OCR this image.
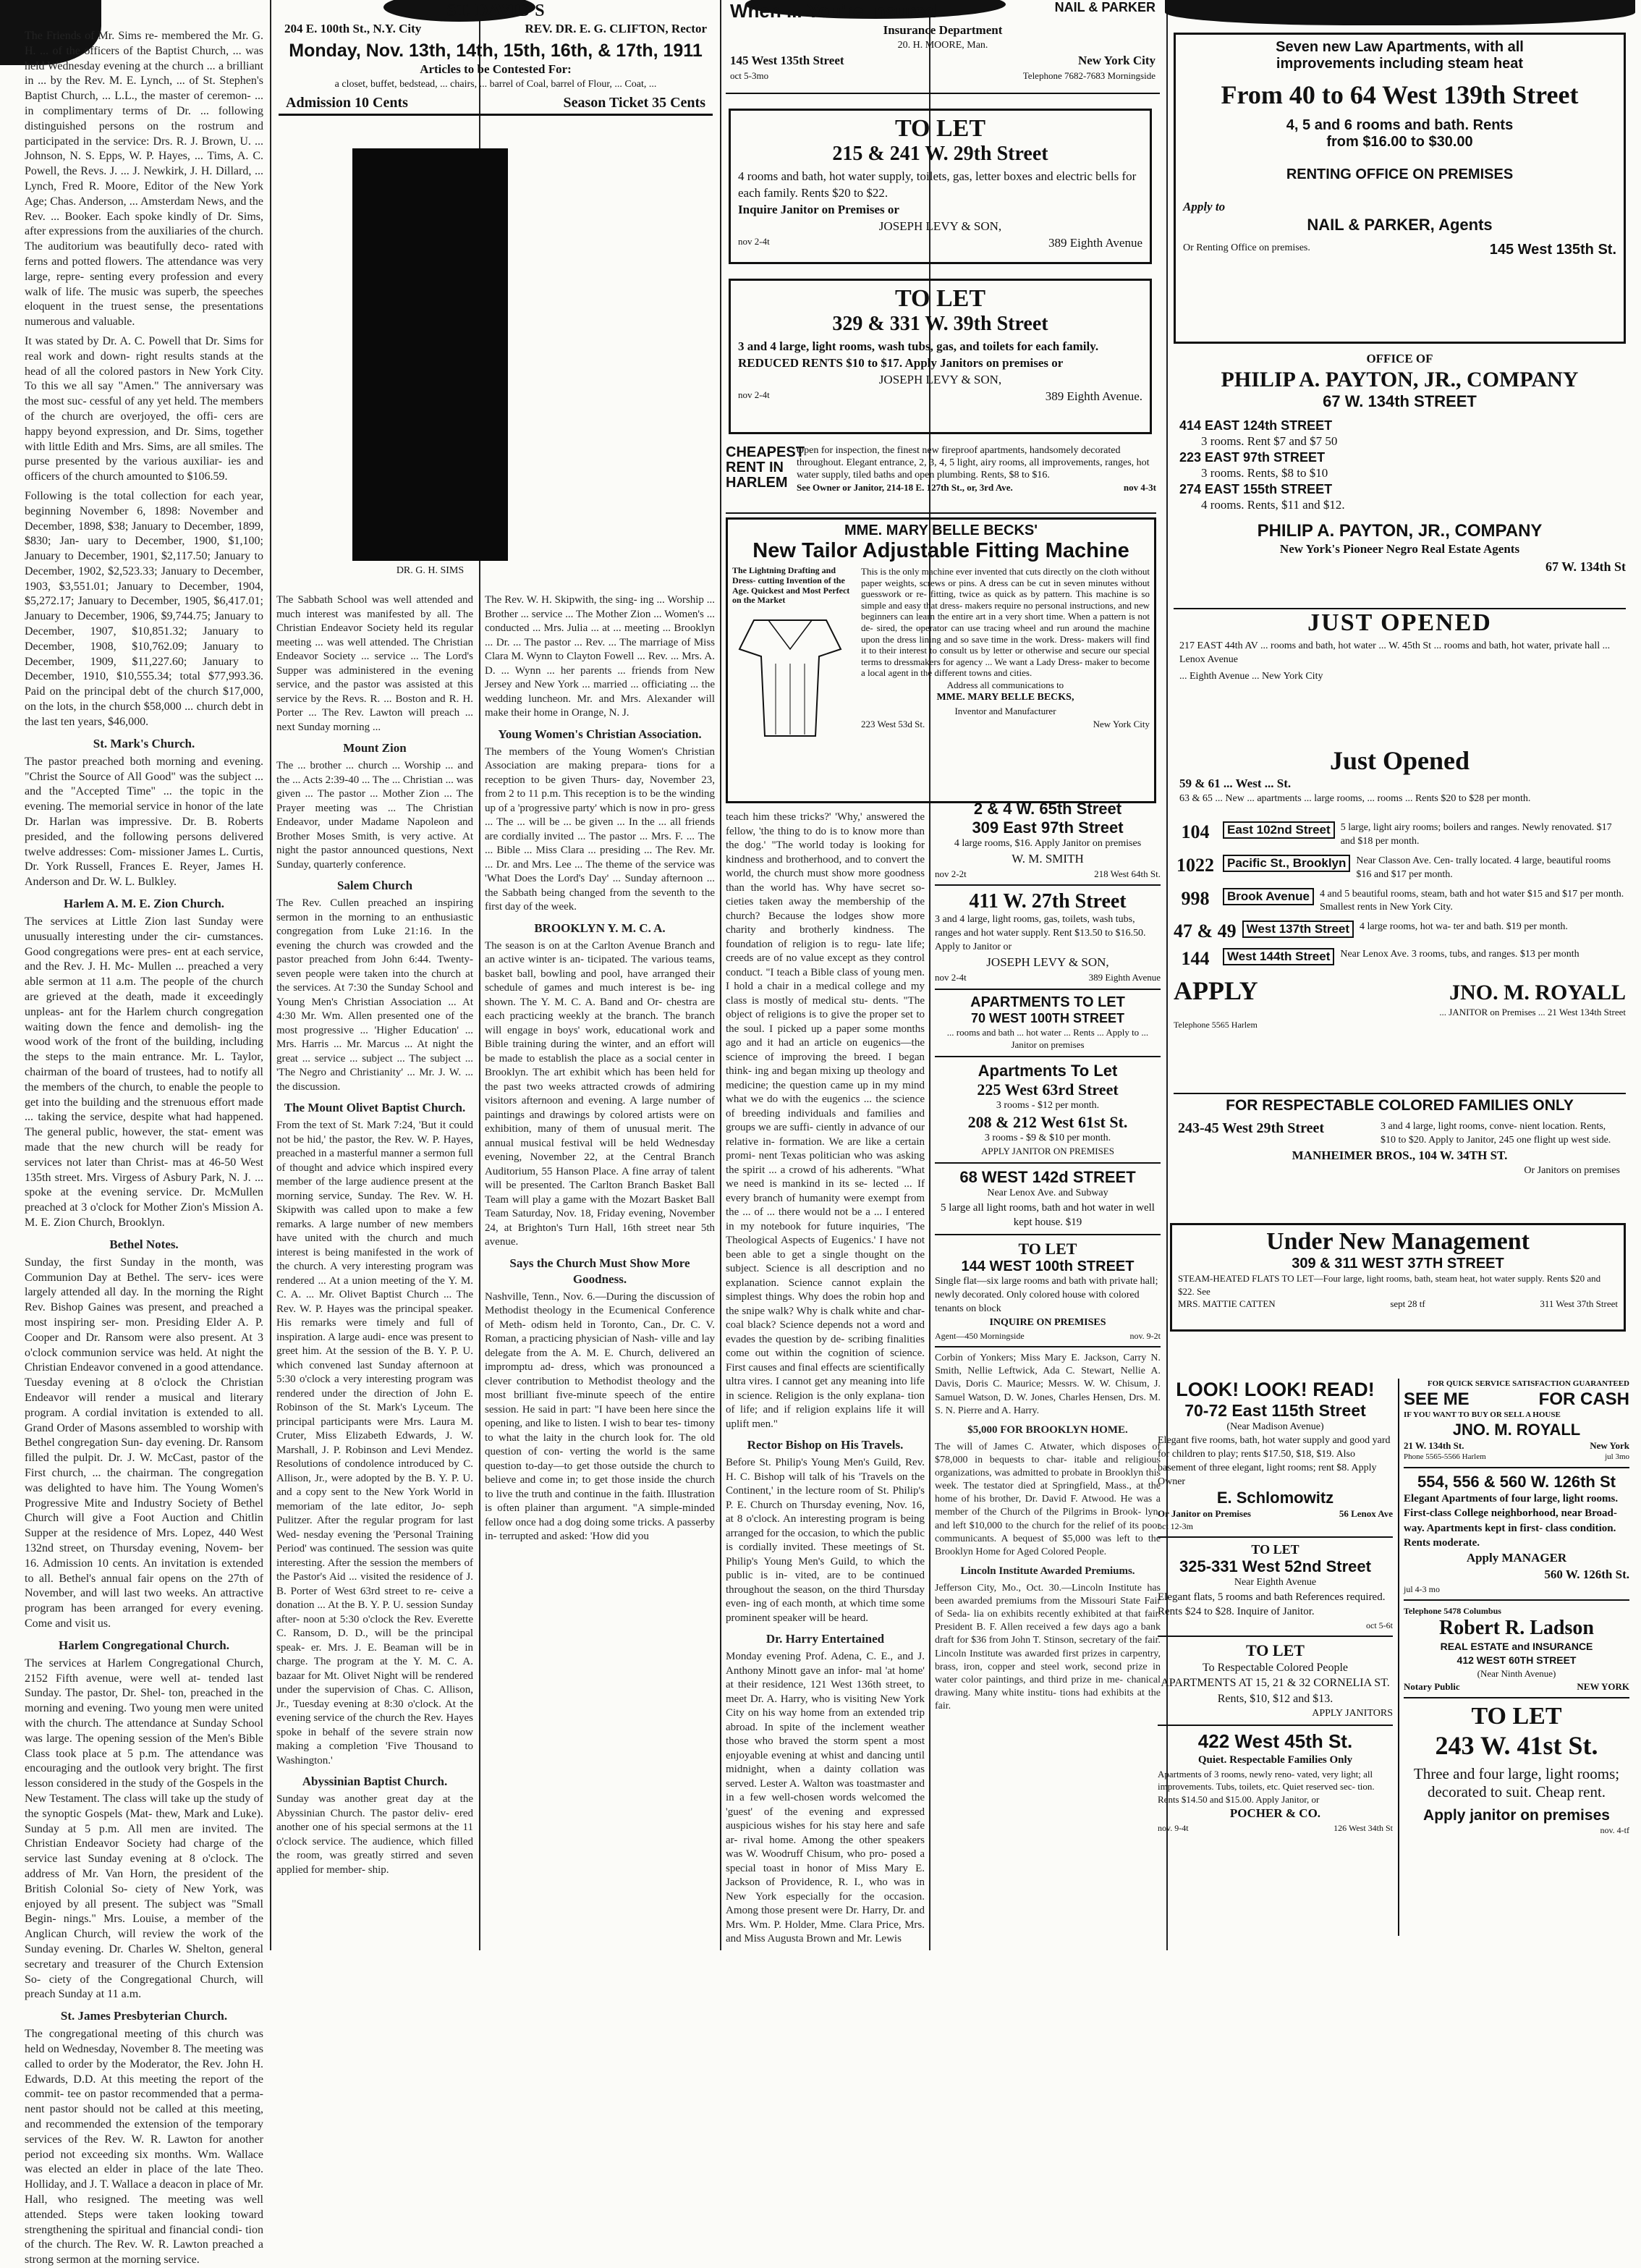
The Friends of Mr. Sims re- membered the Mr. G. H. ... of the officers of the Baptist Church, ... was held Wednesday evening at the church ... a brilliant in ... by the Rev. M. E. Lynch, ... of St. Stephen's Baptist Church, ... L.L., the master of ceremon- ... in complimentary terms of Dr. ... following distinguished persons on the rostrum and participated in the service: Drs. R. J. Brown, U. ... Johnson, N. S. Epps, W. P. Hayes, ... Tims, A. C. Powell, the Revs. J. ... J. Newkirk, J. H. Dillard, ... Lynch, Fred R. Moore, Editor of the New York Age; Chas. Anderson, ... Amsterdam News, and the Rev. ... Booker. Each spoke kindly of Dr. Sims, after expressions from the auxiliaries of the church. The auditorium was beautifully deco- rated with ferns and potted flowers. The attendance was very large, repre- senting every profession and every walk of life. The music was superb, the speeches eloquent in the truest sense, the presentations numerous and valuable.

It was stated by Dr. A. C. Powell that Dr. Sims for real work and down- right results stands at the head of all the colored pastors in New York City. To this we all say "Amen." The anniversary was the most suc- cessful of any yet held. The members of the church are overjoyed, the offi- cers are happy beyond expression, and Dr. Sims, together with little Edith and Mrs. Sims, are all smiles. The purse presented by the various auxiliar- ies and officers of the church amounted to $106.59.

Following is the total collection for each year, beginning November 6, 1898: November and December, 1898, $38; January to December, 1899, $830; Jan- uary to December, 1900, $1,100; January to December, 1901, $2,117.50; January to December, 1902, $2,523.33; January to December, 1903, $3,551.01; January to December, 1904, $5,272.17; January to December, 1905, $6,417.01; January to December, 1906, $9,744.75; January to December, 1907, $10,851.32; January to December, 1908, $10,762.09; January to December, 1909, $11,227.60; January to December, 1910, $10,555.34; total $77,993.36. Paid on the principal debt of the church $17,000, on the lots, in the church $58,000 ... church debt in the last ten years, $46,000.

St. Mark's Church.

The pastor preached both morning and evening. "Christ the Source of All Good" was the subject ... and the "Accepted Time" ... the topic in the evening. The memorial service in honor of the late Dr. Harlan was impressive. Dr. B. Roberts presided, and the following persons delivered twelve addresses: Com- missioner James L. Curtis, Dr. York Russell, Frances E. Reyer, James H. Anderson and Dr. W. L. Bulkley.

Harlem A. M. E. Zion Church.

The services at Little Zion last Sunday were unusually interesting under the cir- cumstances. Good congregations were pres- ent at each service, and the Rev. J. H. Mc- Mullen ... preached a very able sermon at 11 a.m. The people of the church are grieved at the death, made it exceedingly unpleas- ant for the Harlem church congregation waiting down the fence and demolish- ing the wood work of the front of the building, including the steps to the main entrance. Mr. L. Taylor, chairman of the board of trustees, had to notify all the members of the church, to enable the people to get into the building and the strenuous effort made ... taking the service, despite what had happened. The general public, however, the stat- ement was made that the new church will be ready for services not later than Christ- mas at 46-50 West 135th street. Mrs. Virgess of Asbury Park, N. J. ... spoke at the evening service. Dr. McMullen preached at 3 o'clock for Mother Zion's Mission A. M. E. Zion Church, Brooklyn.

Bethel Notes.

Sunday, the first Sunday in the month, was Communion Day at Bethel. The serv- ices were largely attended all day. In the morning the Right Rev. Bishop Gaines was present, and preached a most inspiring ser- mon. Presiding Elder A. P. Cooper and Dr. Ransom were also present. At 3 o'clock communion service was held. At night the Christian Endeavor convened in a good attendance. Tuesday evening at 8 o'clock the Christian Endeavor will render a musical and literary program. A cordial invitation is extended to all. Grand Order of Masons assembled to worship with Bethel congregation Sun- day evening. Dr. Ransom filled the pulpit. Dr. J. W. McCast, pastor of the First church, ... the chairman. The congregation was delighted to have him. The Young Women's Progressive Mite and Industry Society of Bethel Church will give a Foot Auction and Chitlin Supper at the residence of Mrs. Lopez, 440 West 132nd street, on Thursday evening, Novem- ber 16. Admission 10 cents. An invitation is extended to all. Bethel's annual fair opens on the 27th of November, and will last two weeks. An attractive program has been arranged for every evening. Come and visit us.

Harlem Congregational Church.

The services at Harlem Congregational Church, 2152 Fifth avenue, were well at- tended last Sunday. The pastor, Dr. Shel- ton, preached in the morning and evening. Two young men were united with the church. The attendance at Sunday School was large. The opening session of the Men's Bible Class took place at 5 p.m. The attendance was encouraging and the outlook very bright. The first lesson considered in the study of the Gospels in the New Testament. The class will take up the study of the synoptic Gospels (Mat- thew, Mark and Luke). Sunday at 5 p.m. All men are invited. The Christian Endeavor Society had charge of the service last Sunday evening at 8 o'clock. The address of Mr. Van Horn, the president of the British Colonial So- ciety of New York, was enjoyed by all present. The subject was "Small Begin- nings." Mrs. Louise, a member of the Anglican Church, will review the work of the Sunday evening. Dr. Charles W. Shelton, general secretary and treasurer of the Church Extension So- ciety of the Congregational Church, will preach Sunday at 11 a.m.

St. James Presbyterian Church.

The congregational meeting of this church was held on Wednesday, November 8. The meeting was called to order by the Moderator, the Rev. John H. Edwards, D.D. At this meeting the report of the commit- tee on pastor recommended that a perma- nent pastor should not be called at this meeting, and recommended the extension of the temporary services of the Rev. W. R. Lawton for another period not exceeding six months. Wm. Wallace was elected an elder in place of the late Theo. Holliday, and J. T. Wallace a deacon in place of Mr. Hall, who resigned. The meeting was well attended. Steps were taken looking toward strengthening the spiritual and financial condi- tion of the church. The Rev. W. R. Lawton preached a strong sermon at the morning service.

ST. DAVID'S
204 E. 100th St., N.Y. City	REV. DR. E. G. CLIFTON, Rector
Monday, Nov. 13th, 14th, 15th, 16th, & 17th, 1911
Articles to be Contested For:
a closet, buffet, bedstead, ... chairs, ... barrel of Coal, barrel of Flour, ... Coat, ...
Admission 10 Cents	Season Ticket 35 Cents
DR. G. H. SIMS

The Sabbath School was well attended and much interest was manifested by all. The Christian Endeavor Society held its regular meeting ... was well attended. The Christian Endeavor Society ... service ... The Lord's Supper was administered in the evening service, and the pastor was assisted at this service by the Revs. R. ... Boston and R. H. Porter ... The Rev. Lawton will preach ... next Sunday morning ...

Mount Zion

The ... brother ... church ... Worship ... and the ... Acts 2:39-40 ... The ... Christian ... was given ... The pastor ... Mother Zion ... The Prayer meeting was ... The Christian Endeavor, under Madame Napoleon and Brother Moses Smith, is very active. At night the pastor announced questions, Next Sunday, quarterly conference.

Salem Church

The Rev. Cullen preached an inspiring sermon in the morning to an enthusiastic congregation from Luke 21:16. In the evening the church was crowded and the pastor preached from John 6:44. Twenty-seven people were taken into the church at the services. At 7:30 the Sunday School and Young Men's Christian Association ... At 4:30 Mr. Wm. Allen presented one of the most progressive ... 'Higher Education' ... Mrs. Harris ... Mr. Marcus ... At night the great ... service ... subject ... The subject ... 'The Negro and Christianity' ... Mr. J. W. ... the discussion.

The Mount Olivet Baptist Church.

From the text of St. Mark 7:24, 'But it could not be hid,' the pastor, the Rev. W. P. Hayes, preached in a masterful manner a sermon full of thought and advice which inspired every member of the large audience present at the morning service, Sunday. The Rev. W. H. Skipwith was called upon to make a few remarks. A large number of new members have united with the church and much interest is being manifested in the work of the church. A very interesting program was rendered ... At a union meeting of the Y. M. C. A. ... Mr. Olivet Baptist Church ... The Rev. W. P. Hayes was the principal speaker. His remarks were timely and full of inspiration. A large audi- ence was present to greet him. At the session of the B. Y. P. U. which convened last Sunday afternoon at 5:30 o'clock a very interesting program was rendered under the direction of John E. Robinson of the St. Mark's Lyceum. The principal participants were Mrs. Laura M. Cruter, Miss Elizabeth Edwards, J. W. Marshall, J. P. Robinson and Levi Mendez. Resolutions of condolence introduced by C. Allison, Jr., were adopted by the B. Y. P. U. and a copy sent to the New York World in memoriam of the late editor, Jo- seph Pulitzer. After the regular program for last Wed- nesday evening the 'Personal Training Period' was continued. The session was quite interesting. After the session the members of the Pastor's Aid ... visited the residence of J. B. Porter of West 63rd street to re- ceive a donation ... At the B. Y. P. U. session Sunday after- noon at 5:30 o'clock the Rev. Everette C. Ransom, D. D., will be the principal speak- er. Mrs. J. E. Beaman will be in charge. The program at the Y. M. C. A. bazaar for Mt. Olivet Night will be rendered under the supervision of Chas. C. Allison, Jr., Tuesday evening at 8:30 o'clock. At the evening service of the church the Rev. Hayes spoke in behalf of the severe strain now making a completion 'Five Thousand to Washington.'

Abyssinian Baptist Church.

Sunday was another great day at the Abyssinian Church. The pastor deliv- ered another one of his special sermons at the 11 o'clock service. The audience, which filled the room, was greatly stirred and seven applied for member- ship.

The Rev. W. H. Skipwith, the sing- ing ... Worship ... Brother ... service ... The Mother Zion ... Women's ... conducted ... Mrs. Julia ... at ... meeting ... Brooklyn ... Dr. ... The pastor ... Rev. ... The marriage of Miss Clara M. Wynn to Clayton Fowell ... Rev. ... Mrs. A. D. ... Wynn ... her parents ... friends from New Jersey and New York ... married ... officiating ... the wedding luncheon. Mr. and Mrs. Alexander will make their home in Orange, N. J.

Young Women's Christian Association.

The members of the Young Women's Christian Association are making prepara- tions for a reception to be given Thurs- day, November 23, from 2 to 11 p.m. This reception is to be the winding up of a 'progressive party' which is now in pro- gress ... The ... will be ... be given ... In the ... all friends are cordially invited ... The pastor ... Mrs. F. ... The ... Bible ... Miss Clara ... presiding ... The Rev. Mr. ... Dr. and Mrs. Lee ... The theme of the service was 'What Does the Lord's Day' ... Sunday afternoon ... the Sabbath being changed from the seventh to the first day of the week.

BROOKLYN Y. M. C. A.

The season is on at the Carlton Avenue Branch and an active winter is an- ticipated. The various teams, basket ball, bowling and pool, have arranged their schedule of games and much interest is be- ing shown. The Y. M. C. A. Band and Or- chestra are each practicing weekly at the branch. The branch will engage in boys' work, educational work and Bible training during the winter, and an effort will be made to establish the place as a social center in Brooklyn. The art exhibit which has been held for the past two weeks attracted crowds of admiring visitors afternoon and evening. A large number of paintings and drawings by colored artists were on exhibition, many of them of unusual merit. The annual musical festival will be held Wednesday evening, November 22, at the Central Branch Auditorium, 55 Hanson Place. A fine array of talent will be presented. The Carlton Branch Basket Ball Team will play a game with the Mozart Basket Ball Team Saturday, Nov. 18, Friday evening, November 24, at Brighton's Turn Hall, 16th street near 5th avenue.

Says the Church Must Show More Goodness.

Nashville, Tenn., Nov. 6.—During the discussion of Methodist theology in the Ecumenical Conference of Meth- odism held in Toronto, Can., Dr. C. V. Roman, a practicing physician of Nash- ville and lay delegate from the A. M. E. Church, delivered an impromptu ad- dress, which was pronounced a clever contribution to Methodist theology and the most brilliant five-minute speech of the entire session. He said in part: "I have been here since the opening, and like to listen. I wish to bear tes- timony to what the laity in the church look for. The old question of con- verting the world is the same question to-day—to get those outside the church to believe and come in; to get those inside the church to live the truth and continue in the faith. Illustration is often plainer than argument. "A simple-minded fellow once had a dog doing some tricks. A passerby in- terrupted and asked: 'How did you

When ... You're Insured	NAIL & PARKER
Insurance Department
20. H. MOORE, Man.
145 West 135th Street	New York City
oct 5-3mo	Telephone 7682-7683 Morningside
TO LET
215 & 241 W. 29th Street
4 rooms and bath, hot water supply, toilets, gas, letter boxes and electric bells for each family. Rents $20 to $22.
Inquire Janitor on Premises or
JOSEPH LEVY & SON,
nov 2-4t	389 Eighth Avenue
TO LET
329 & 331 W. 39th Street
3 and 4 large, light rooms, wash tubs, gas, and toilets for each family. REDUCED RENTS $10 to $17. Apply Janitors on premises or
JOSEPH LEVY & SON,
nov 2-4t	389 Eighth Avenue.
CHEAPEST RENT IN HARLEM
Open for inspection, the finest new fireproof apartments, handsomely decorated throughout. Elegant entrance, 2, 3, 4, 5 light, airy rooms, all improvements, ranges, hot water supply, tiled baths and open plumbing. Rents, $8 to $16.
See Owner or Janitor, 214-18 E. 127th St., or, 3rd Ave.	nov 4-3t
MME. MARY BELLE BECKS'
New Tailor Adjustable Fitting Machine
The Lightning Drafting and Dress- cutting Invention of the Age. Quickest and Most Perfect on the Market
This is the only machine ever invented that cuts directly on the cloth without paper weights, screws or pins. A dress can be cut in seven minutes without guesswork or re- fitting, twice as quick as by pattern. This machine is so simple and easy that dress- makers require no personal instructions, and new beginners can learn the entire art in a very short time. When a pattern is not de- sired, the operator can use tracing wheel and run around the machine upon the dress lining and so save time in the work. Dress- makers will find it to their interest to consult us by letter or otherwise and secure our special terms to dressmakers for agency ... We want a Lady Dress- maker to become a local agent in the different towns and cities.
Address all communications to
MME. MARY BELLE BECKS,
Inventor and Manufacturer
223 West 53d St.	New York City

teach him these tricks?' 'Why,' answered the fellow, 'the thing to do is to know more than the dog.' "The world today is looking for kindness and brotherhood, and to convert the world, the church must show more goodness than the world has. Why have secret so- cieties taken away the membership of the church? Because the lodges show more charity and brotherly kindness. The foundation of religion is to regu- late life; creeds are of no value except as they control conduct. "I teach a Bible class of young men. I hold a chair in a medical college and my class is mostly of medical stu- dents. "The object of religions is to give the proper set to the soul. I picked up a paper some months ago and it had an article on eugenics—the science of improving the breed. I began think- ing and began mixing up theology and medicine; the question came up in my mind what we do with the eugenics ... the science of breeding individuals and families and groups we are suffi- ciently in advance of our relative in- formation. We are like a certain promi- nent Texas politician who was asking the spirit ... a crowd of his adherents. "What we need is mankind in its se- lected ... If every branch of humanity were exempt from the ... of ... there would not be a ... I entered in my notebook for future inquiries, 'The Theological Aspects of Eugenics.' I have not been able to get a single thought on the subject. Science is all description and no explanation. Science cannot explain the simplest things. Why does the robin hop and the snipe walk? Why is chalk white and char- coal black? Science depends not a word and evades the question by de- scribing finalities come out within the cognition of science. First causes and final effects are scientifically ultra vires. I cannot get any meaning into life in science. Religion is the only explana- tion of life; and if religion explains life it will uplift men."

Rector Bishop on His Travels.

Before St. Philip's Young Men's Guild, Rev. H. C. Bishop will talk of his 'Travels on the Continent,' in the lecture room of St. Philip's P. E. Church on Thursday evening, Nov. 16, at 8 o'clock. An interesting program is being arranged for the occasion, to which the public is cordially invited. These meetings of St. Philip's Young Men's Guild, to which the public is in- vited, are to be continued throughout the season, on the third Thursday even- ing of each month, at which time some prominent speaker will be heard.

Dr. Harry Entertained

Monday evening Prof. Adena, C. E., and J. Anthony Minott gave an infor- mal 'at home' at their residence, 121 West 136th street, to meet Dr. A. Harry, who is visiting New York City on his way home from an extended trip abroad. In spite of the inclement weather those who braved the storm spent a most enjoyable evening at whist and dancing until midnight, when a dainty collation was served. Lester A. Walton was toastmaster and in a few well-chosen words welcomed the 'guest' of the evening and expressed auspicious wishes for his stay here and safe ar- rival home. Among the other speakers was W. Woodruff Chisum, who pro- posed a special toast in honor of Miss Mary E. Jackson of Providence, R. I., who was in New York especially for the occasion. Among those present were Dr. Harry, Dr. and Mrs. Wm. P. Holder, Mme. Clara Price, Mrs. and Miss Augusta Brown and Mr. Lewis

2 & 4 W. 65th Street
309 East 97th Street
4 large rooms, $16. Apply Janitor on premises
W. M. SMITH
nov 2-2t	218 West 64th St.
411 W. 27th Street
3 and 4 large, light rooms, gas, toilets, wash tubs, ranges and hot water supply. Rent $13.50 to $16.50. Apply to Janitor or
JOSEPH LEVY & SON,
nov 2-4t	389 Eighth Avenue
APARTMENTS TO LET
70 WEST 100TH STREET
... rooms and bath ... hot water ... Rents ... Apply to ... Janitor on premises
Apartments To Let
225 West 63rd Street
3 rooms - $12 per month.
208 & 212 West 61st St.
3 rooms - $9 & $10 per month.
APPLY JANITOR ON PREMISES
68 WEST 142d STREET
Near Lenox Ave. and Subway
5 large all light rooms, bath and hot water in well kept house. $19
TO LET
144 WEST 100th STREET
Single flat—six large rooms and bath with private hall; newly decorated. Only colored house with colored tenants on block
INQUIRE ON PREMISES
Agent—450 Morningside	nov. 9-2t

Corbin of Yonkers; Miss Mary E. Jackson, Carry N. Smith, Nellie Leftwick, Ada C. Stewart, Nellie A. Davis, Doris C. Maurice; Messrs. W. W. Chisum, J. Samuel Watson, D. W. Jones, Charles Hensen, Drs. M. S. N. Pierre and A. Harry.

$5,000 FOR BROOKLYN HOME.

The will of James C. Atwater, which disposes of $78,000 in bequests to char- itable and religious organizations, was admitted to probate in Brooklyn this week. The testator died at Springfield, Mass., at the home of his brother, Dr. David F. Atwood. He was a member of the Church of the Pilgrims in Brook- lyn, and left $10,000 to the church for the relief of its poor communicants. A bequest of $5,000 was left to the Brooklyn Home for Aged Colored People.

Lincoln Institute Awarded Premiums.

Jefferson City, Mo., Oct. 30.—Lincoln Institute has been awarded premiums from the Missouri State Fair of Seda- lia on exhibits recently exhibited at that fair. President B. F. Allen received a few days ago a bank draft for $36 from John T. Stinson, secretary of the fair. Lincoln Institute was awarded first prizes in carpentry, brass, iron, copper and steel work, second prize in water color paintings, and third prize in me- chanical drawing. Many white institu- tions had exhibits at the fair.

Seven new Law Apartments, with all
improvements including steam heat
From 40 to 64 West 139th Street
4, 5 and 6 rooms and bath. Rents
from $16.00 to $30.00
RENTING OFFICE ON PREMISES
Apply to
NAIL & PARKER, Agents
Or Renting Office on premises.	145 West 135th St.
OFFICE OF
PHILIP A. PAYTON, JR., COMPANY
67 W. 134th STREET
414 EAST 124th STREET
3 rooms. Rent $7 and $7 50
223 EAST 97th STREET
3 rooms. Rents, $8 to $10
274 EAST 155th STREET
4 rooms. Rents, $11 and $12.
PHILIP A. PAYTON, JR., COMPANY
New York's Pioneer Negro Real Estate Agents
67 W. 134th St
JUST OPENED
217 EAST 44th AV ... rooms and bath, hot water ... W. 45th St ... rooms and bath, hot water, private hall ... Lenox Avenue
... Eighth Avenue ... New York City
Just Opened
59 & 61 ... West ... St.
63 & 65 ... New ... apartments ... large rooms, ... rooms ... Rents $20 to $28 per month.
104	East 102nd Street	5 large, light airy rooms; boilers and ranges. Newly renovated. $17 and $18 per month.
1022	Pacific St., Brooklyn	Near Classon Ave. Cen- trally located. 4 large, beautiful rooms $16 and $17 per month.
998	Brook Avenue	4 and 5 beautiful rooms, steam, bath and hot water $15 and $17 per month. Smallest rents in New York City.
47 & 49 West 137th Street	4 large rooms, hot wa- ter and bath. $19 per month.
144	West 144th Street	Near Lenox Ave. 3 rooms, tubs, and ranges. $13 per month
APPLY	JNO. M. ROYALL
... JANITOR on Premises ... 21 West 134th Street
Telephone 5565 Harlem
FOR RESPECTABLE COLORED FAMILIES ONLY
243-45 West 29th Street	3 and 4 large, light rooms, conve- nient location. Rents, $10 to $20. Apply to Janitor, 245 one flight up west side.
MANHEIMER BROS., 104 W. 34TH ST.
Or Janitors on premises
Under New Management
309 & 311 WEST 37TH STREET
STEAM-HEATED FLATS TO LET—Four large, light rooms, bath, steam heat, hot water supply. Rents $20 and $22. See
MRS. MATTIE CATTEN	sept 28 tf	311 West 37th Street
LOOK! LOOK! READ!
70-72 East 115th Street
(Near Madison Avenue)
Elegant five rooms, bath, hot water supply and good yard for children to play; rents $17.50, $18, $19. Also basement of three elegant, light rooms; rent $8. Apply Owner
E. Schlomowitz
Or Janitor on Premises	56 Lenox Ave
oct 12-3m
TO LET
325-331 West 52nd Street
Near Eighth Avenue
Elegant flats, 5 rooms and bath References required. Rents $24 to $28. Inquire of Janitor.
oct 5-6t
TO LET
To Respectable Colored People
APARTMENTS AT 15, 21 & 32 CORNELIA ST.
Rents, $10, $12 and $13.
APPLY JANITORS
422 West 45th St.
Quiet. Respectable Families Only
Apartments of 3 rooms, newly reno- vated, very light; all improvements. Tubs, toilets, etc. Quiet reserved sec- tion. Rents $14.50 and $15.00. Apply Janitor, or
POCHER & CO.
nov. 9-4t	126 West 34th St
FOR QUICK SERVICE SATISFACTION GUARANTEED
SEE ME	FOR CASH
IF YOU WANT TO BUY OR SELL A HOUSE
JNO. M. ROYALL
21 W. 134th St.	New York
Phone 5565-5566 Harlem	jul 3mo
554, 556 & 560 W. 126th St
Elegant Apartments of four large, light rooms. First-class College neighborhood, near Broad- way. Apartments kept in first- class condition. Rents moderate.
Apply MANAGER
560 W. 126th St.
jul 4-3 mo
Telephone 5478 Columbus
Robert R. Ladson
REAL ESTATE and INSURANCE
412 WEST 60TH STREET
(Near Ninth Avenue)
Notary Public	NEW YORK
TO LET
243 W. 41st St.
Three and four large, light rooms; decorated to suit. Cheap rent.
Apply janitor on premises
nov. 4-tf
